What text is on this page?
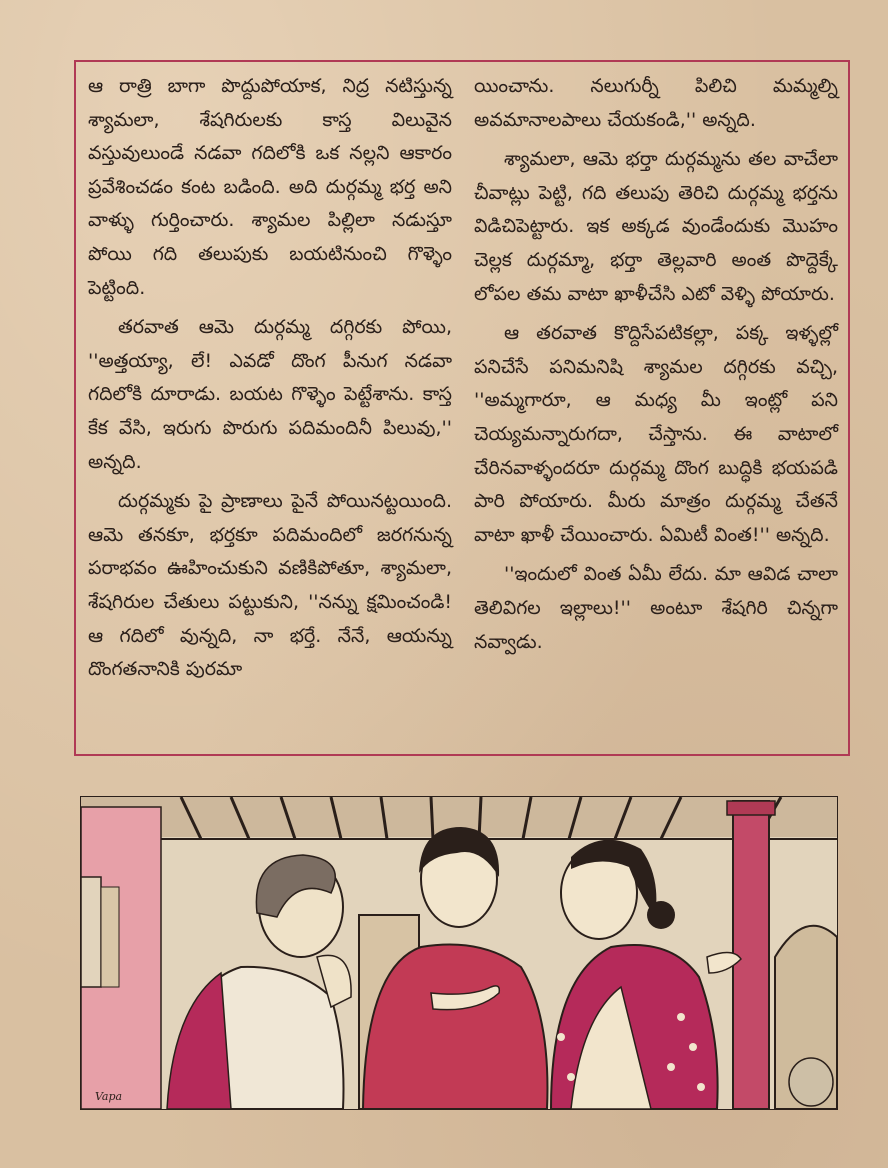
ఆ రాత్రి బాగా పొద్దుపోయాక, నిద్ర నటిస్తున్న శ్యామలా, శేషగిరులకు కాస్త విలువైన వస్తువులుండే నడవా గదిలోకి ఒక నల్లని ఆకారం ప్రవేశించడం కంట బడింది. అది దుర్గమ్మ భర్త అని వాళ్ళు గుర్తించారు. శ్యామల పిల్లిలా నడుస్తూ పోయి గది తలుపుకు బయటినుంచి గొళ్ళెం పెట్టింది.

తరవాత ఆమె దుర్గమ్మ దగ్గిరకు పోయి, ''అత్తయ్యా, లే! ఎవడో దొంగ పీనుగ నడవా గదిలోకి దూరాడు. బయట గొళ్ళెం పెట్టేశాను. కాస్త కేక వేసి, ఇరుగు పొరుగు పదిమందినీ పిలువు,'' అన్నది.

దుర్గమ్మకు పై ప్రాణాలు పైనే పోయినట్టయింది. ఆమె తనకూ, భర్తకూ పదిమందిలో జరగనున్న పరాభవం ఊహించుకుని వణికిపోతూ, శ్యామలా, శేషగిరుల చేతులు పట్టుకుని, ''నన్ను క్షమించండి! ఆ గదిలో వున్నది, నా భర్తే. నేనే, ఆయన్ను దొంగతనానికి పురమా

యించాను. నలుగుర్నీ పిలిచి మమ్మల్ని అవమానాలపాలు చేయకండి,'' అన్నది.

శ్యామలా, ఆమె భర్తా దుర్గమ్మను తల వాచేలా చీవాట్లు పెట్టి, గది తలుపు తెరిచి దుర్గమ్మ భర్తను విడిచిపెట్టారు. ఇక అక్కడ వుండేందుకు మొహం చెల్లక దుర్గమ్మా, భర్తా తెల్లవారి అంత పొద్దెక్కే లోపల తమ వాటా ఖాళీచేసి ఎటో వెళ్ళి పోయారు.

ఆ తరవాత కొద్దిసేపటికల్లా, పక్క ఇళ్ళల్లో పనిచేసే పనిమనిషి శ్యామల దగ్గిరకు వచ్చి, ''అమ్మగారూ, ఆ మధ్య మీ ఇంట్లో పని చెయ్యమన్నారుగదా, చేస్తాను. ఈ వాటాలో చేరినవాళ్ళందరూ దుర్గమ్మ దొంగ బుద్ధికి భయపడి పారి పోయారు. మీరు మాత్రం దుర్గమ్మ చేతనే వాటా ఖాళీ చేయించారు. ఏమిటీ వింత!'' అన్నది.

''ఇందులో వింత ఏమీ లేదు. మా ఆవిడ చాలా తెలివిగల ఇల్లాలు!'' అంటూ శేషగిరి చిన్నగా నవ్వాడు.

Vapa
